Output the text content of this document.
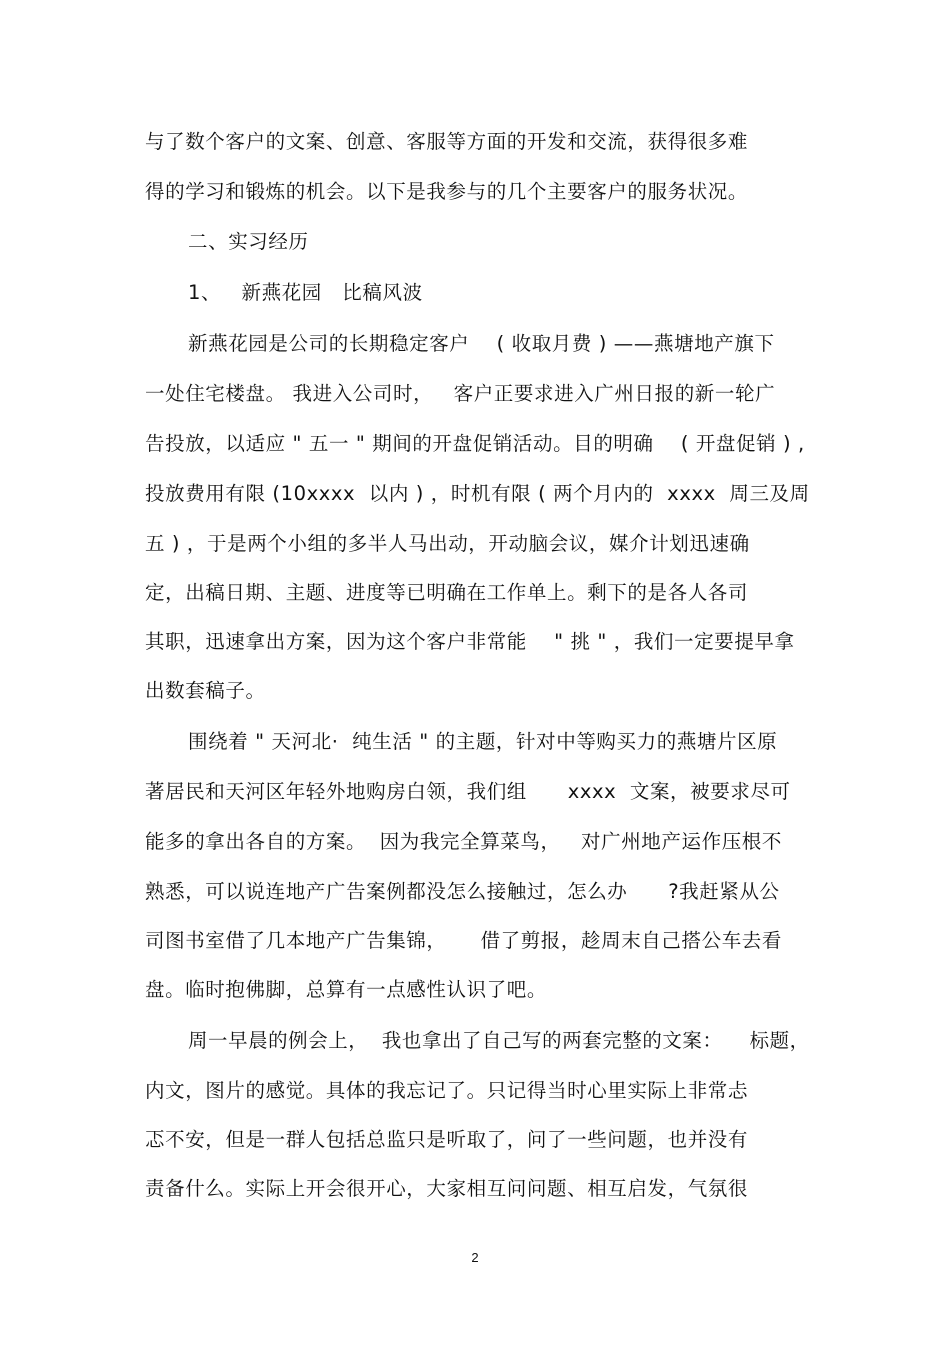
与了数个客户的文案、创意、客服等方面的开发和交流，获得很多难
得的学习和锻炼的机会。以下是我参与的几个主要客户的服务状况。
二、实习经历
1、   新燕花园   比稿风波
新燕花园是公司的长期稳定客户    ( 收取月费 ) ——燕塘地产旗下
一处住宅楼盘。 我进入公司时，   客户正要求进入广州日报的新一轮广
告投放，以适应 " 五一 " 期间的开盘促销活动。目的明确    ( 开盘促销 ) ,
投放费用有限 (10xxxx  以内 ) ，时机有限 ( 两个月内的  xxxx  周三及周
五 ) ，于是两个小组的多半人马出动，开动脑会议，媒介计划迅速确
定，出稿日期、主题、进度等已明确在工作单上。剩下的是各人各司
其职，迅速拿出方案，因为这个客户非常能    " 挑 " ，我们一定要提早拿
出数套稿子。
围绕着 " 天河北·  纯生活 " 的主题，针对中等购买力的燕塘片区原
著居民和天河区年轻外地购房白领，我们组      xxxx  文案，被要求尽可
能多的拿出各自的方案。  因为我完全算菜鸟，   对广州地产运作压根不
熟悉，可以说连地产广告案例都没怎么接触过，怎么办      ?我赶紧从公
司图书室借了几本地产广告集锦，     借了剪报，趁周末自己搭公车去看
盘。临时抱佛脚，总算有一点感性认识了吧。
周一早晨的例会上，  我也拿出了自己写的两套完整的文案：    标题，
内文，图片的感觉。具体的我忘记了。只记得当时心里实际上非常忐
忑不安，但是一群人包括总监只是听取了，问了一些问题，也并没有
责备什么。实际上开会很开心，大家相互问问题、相互启发，气氛很
2
